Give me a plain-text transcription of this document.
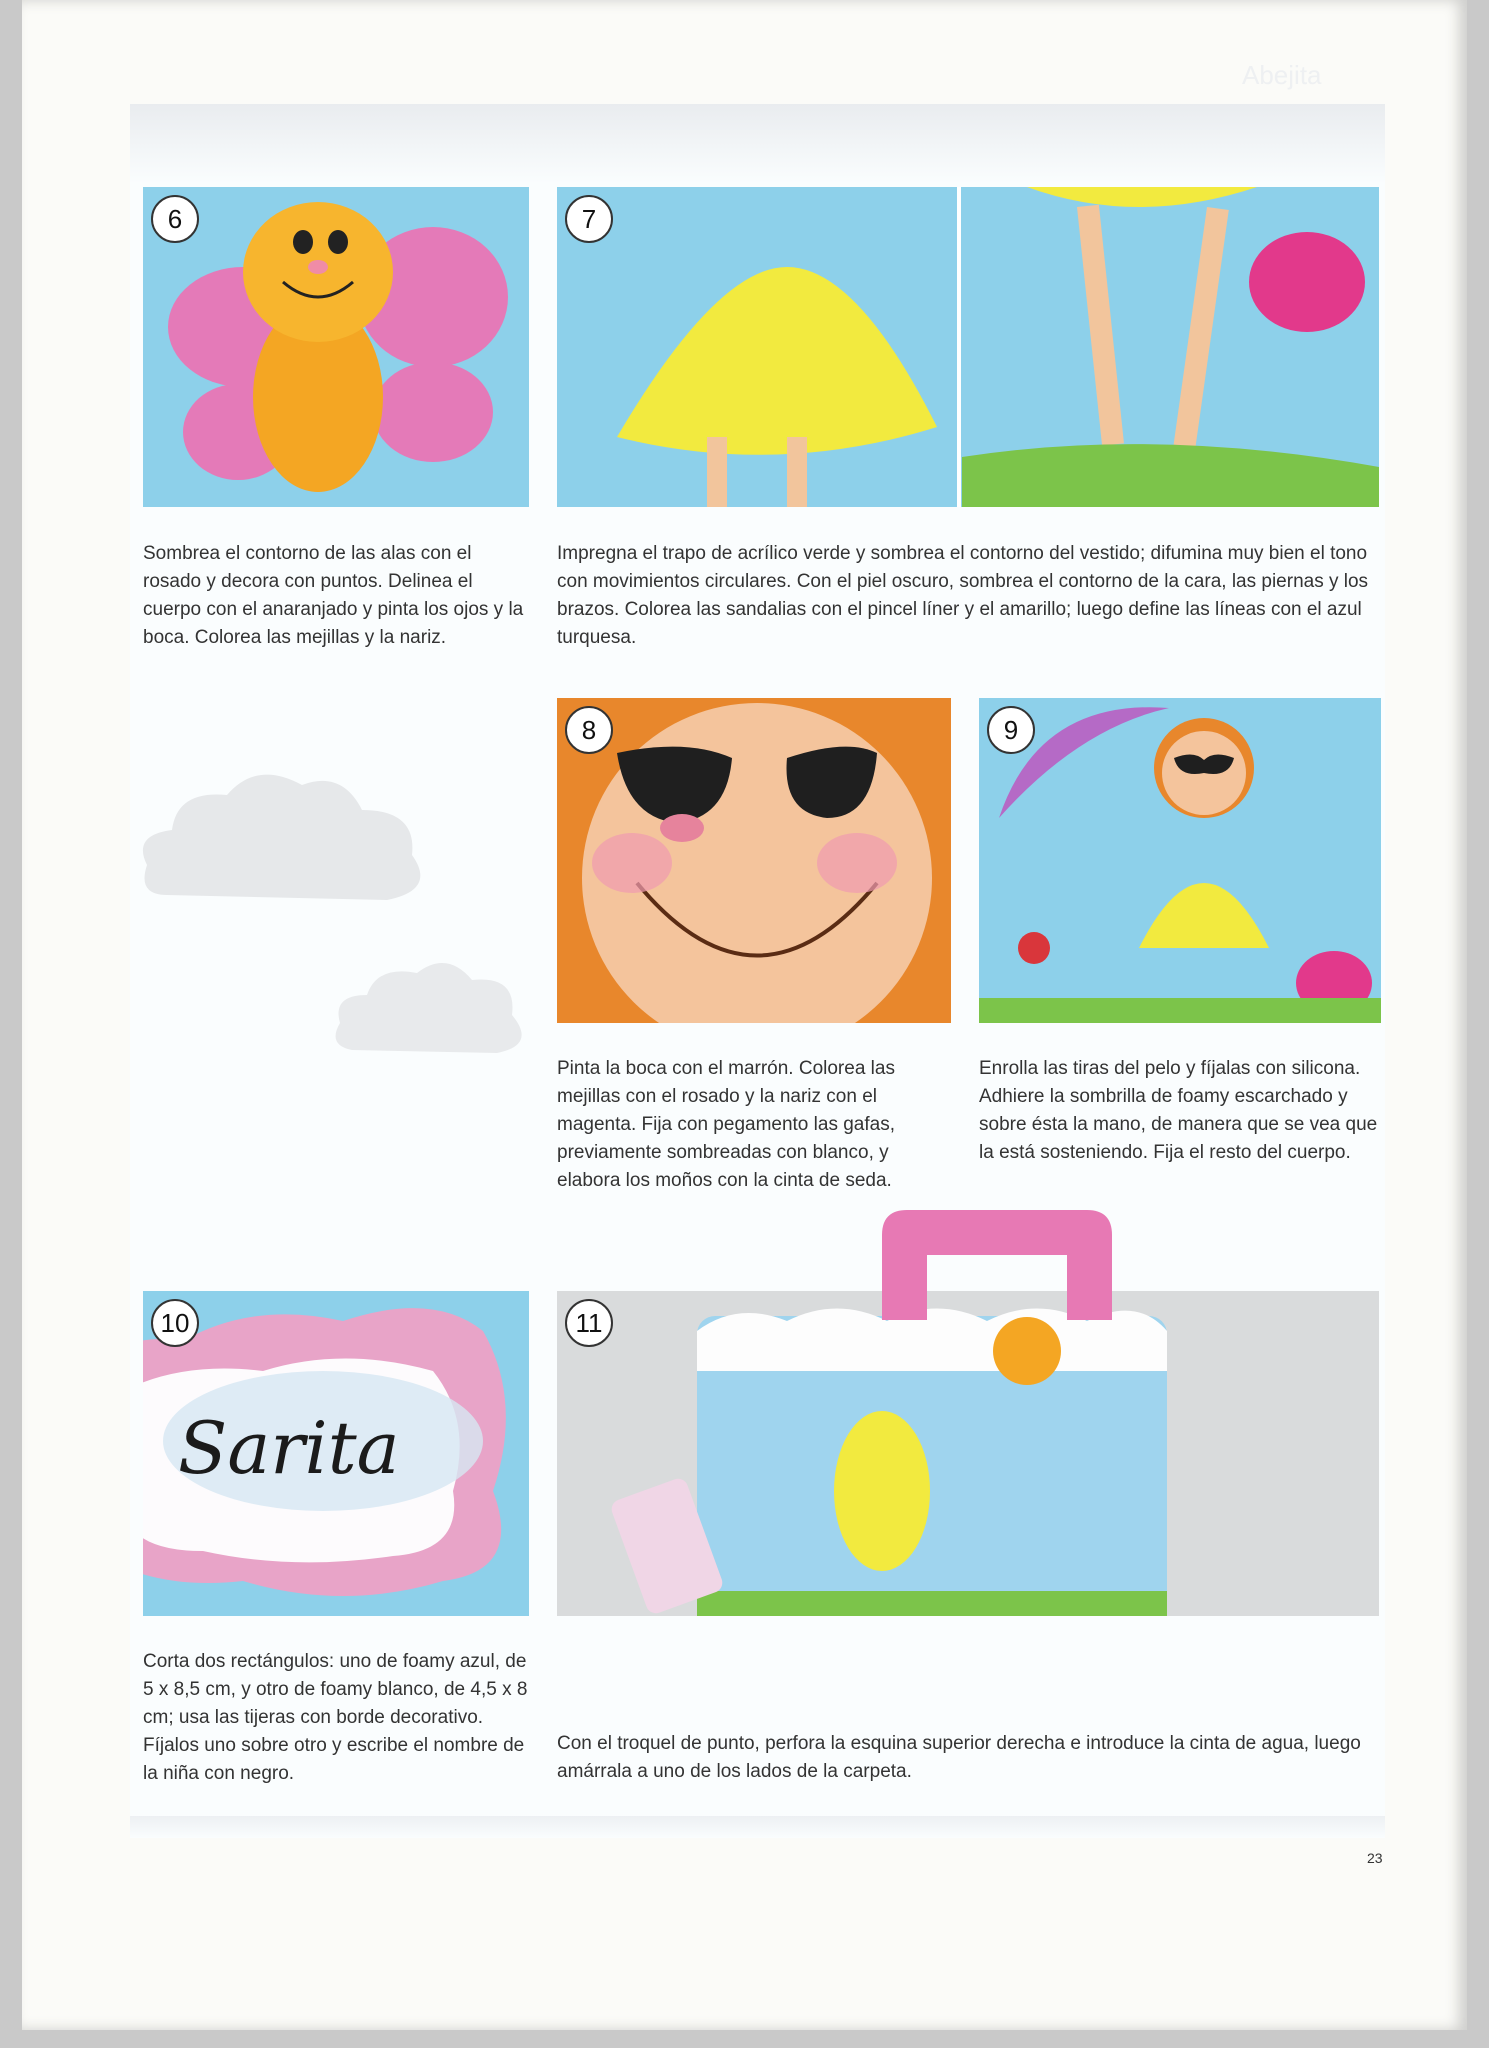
Abejita
6	7

Sombrea el contorno de las alas con el rosado y decora con puntos. Delinea el cuerpo con el anaranjado y pinta los ojos y la boca. Colorea las mejillas y la nariz.

Impregna el trapo de acrílico verde y sombrea el contorno del vestido; difumina muy bien el tono con movimientos circulares. Con el piel oscuro, sombrea el contorno de la cara, las piernas y los brazos. Colorea las sandalias con el pincel líner y el amarillo; luego define las líneas con el azul turquesa.

8	9

Pinta la boca con el marrón. Colorea las mejillas con el rosado y la nariz con el magenta. Fija con pegamento las gafas, previamente sombreadas con blanco, y elabora los moños con la cinta de seda.

Enrolla las tiras del pelo y fíjalas con silicona. Adhiere la sombrilla de foamy escarchado y sobre ésta la mano, de manera que se vea que la está sosteniendo. Fija el resto del cuerpo.

Sarita
10	11

Corta dos rectángulos: uno de foamy azul, de 5 x 8,5 cm, y otro de foamy blanco, de 4,5 x 8 cm; usa las tijeras con borde decorativo. Fíjalos uno sobre otro y escribe el nombre de la niña con negro.

Con el troquel de punto, perfora la esquina superior derecha e introduce la cinta de agua, luego amárrala a uno de los lados de la carpeta.

23
